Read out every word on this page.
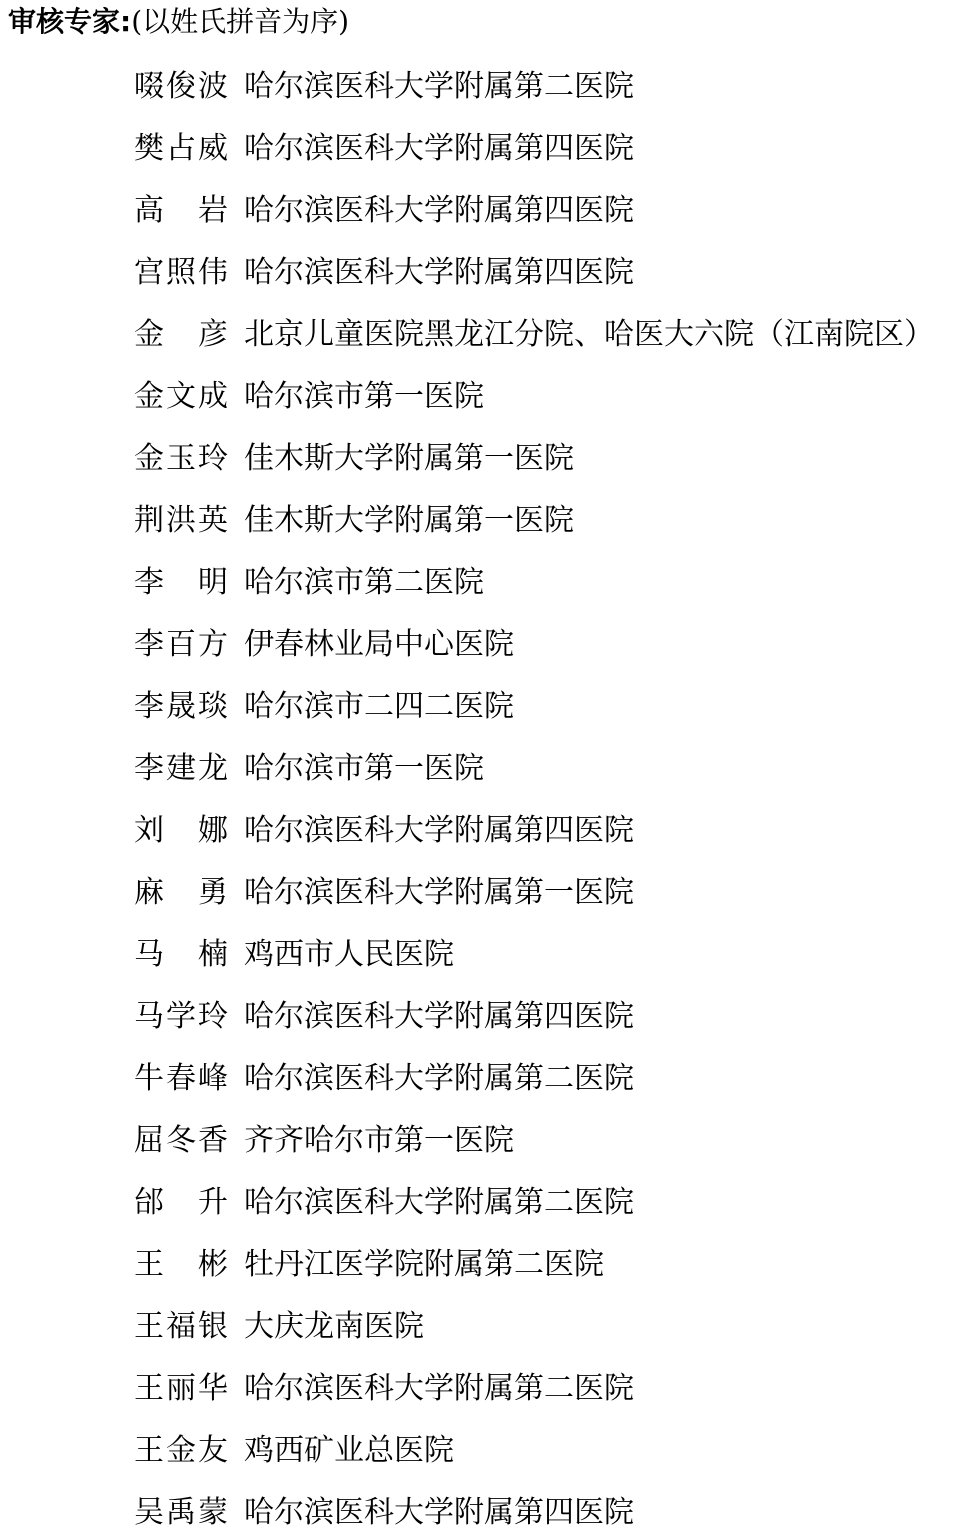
审核专家:(以姓氏拼音为序)
啜 俊 波 哈尔滨医科大学附属第二医院
樊 占 威 哈尔滨医科大学附属第四医院
高 岩 哈尔滨医科大学附属第四医院
宫 照 伟 哈尔滨医科大学附属第四医院
金 彦 北京儿童医院黑龙江分院、哈医大六院（江南院区）
金 文 成 哈尔滨市第一医院
金 玉 玲 佳木斯大学附属第一医院
荆 洪 英 佳木斯大学附属第一医院
李 明 哈尔滨市第二医院
李 百 方 伊春林业局中心医院
李 晟 琰 哈尔滨市二四二医院
李 建 龙 哈尔滨市第一医院
刘 娜 哈尔滨医科大学附属第四医院
麻 勇 哈尔滨医科大学附属第一医院
马 楠 鸡西市人民医院
马 学 玲 哈尔滨医科大学附属第四医院
牛 春 峰 哈尔滨医科大学附属第二医院
屈 冬 香 齐齐哈尔市第一医院
邰 升 哈尔滨医科大学附属第二医院
王 彬 牡丹江医学院附属第二医院
王 福 银 大庆龙南医院
王 丽 华 哈尔滨医科大学附属第二医院
王 金 友 鸡西矿业总医院
吴 禹 蒙 哈尔滨医科大学附属第四医院
